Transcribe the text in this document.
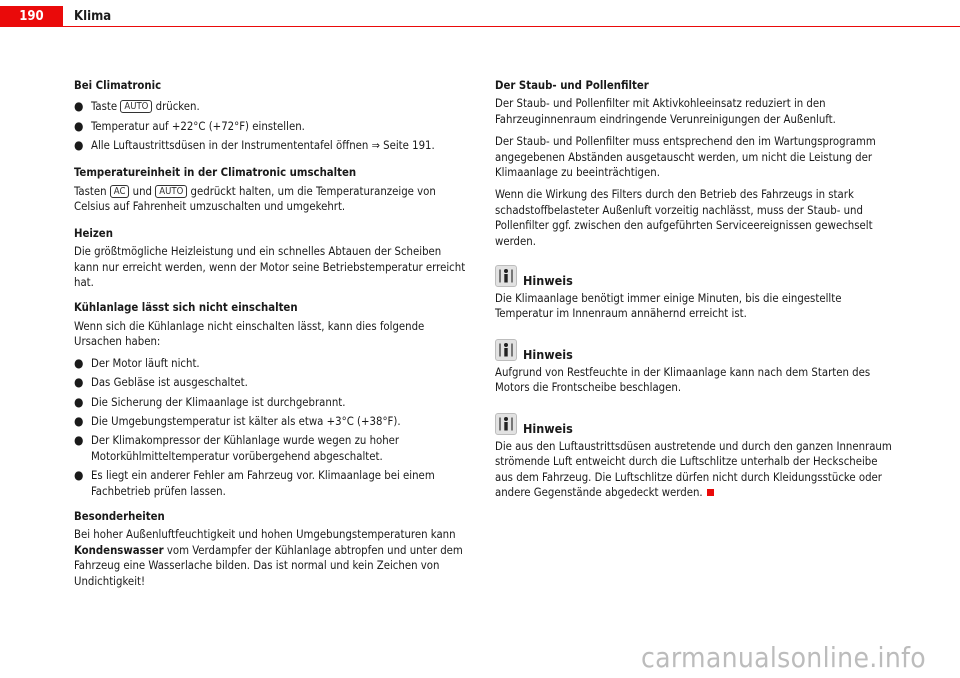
190	Klima
Bei Climatronic
● Taste AUTO drücken.
● Temperatur auf +22°C (+72°F) einstellen.
● Alle Luftaustrittsdüsen in der Instrumententafel öffnen ⇒ Seite 191.
Temperatureinheit in der Climatronic umschalten

Tasten AC und AUTO gedrückt halten, um die Temperaturanzeige von Celsius auf Fahrenheit umzuschalten und umgekehrt.

Heizen

Die größtmögliche Heizleistung und ein schnelles Abtauen der Scheiben kann nur erreicht werden, wenn der Motor seine Betriebstemperatur erreicht hat.

Kühlanlage lässt sich nicht einschalten

Wenn sich die Kühlanlage nicht einschalten lässt, kann dies folgende Ursachen haben:

● Der Motor läuft nicht.
● Das Gebläse ist ausgeschaltet.
● Die Sicherung der Klimaanlage ist durchgebrannt.
● Die Umgebungstemperatur ist kälter als etwa +3°C (+38°F).
● Der Klimakompressor der Kühlanlage wurde wegen zu hoher Motorkühlmitteltemperatur vorübergehend abgeschaltet.
● Es liegt ein anderer Fehler am Fahrzeug vor. Klimaanlage bei einem Fachbetrieb prüfen lassen.
Besonderheiten

Bei hoher Außenluftfeuchtigkeit und hohen Umgebungstemperaturen kann Kondenswasser vom Verdampfer der Kühlanlage abtropfen und unter dem Fahrzeug eine Wasserlache bilden. Das ist normal und kein Zeichen von Undichtigkeit!

Der Staub- und Pollenfilter

Der Staub- und Pollenfilter mit Aktivkohleeinsatz reduziert in den Fahrzeuginnenraum eindringende Verunreinigungen der Außenluft.

Der Staub- und Pollenfilter muss entsprechend den im Wartungsprogramm angegebenen Abständen ausgetauscht werden, um nicht die Leistung der Klimaanlage zu beeinträchtigen.

Wenn die Wirkung des Filters durch den Betrieb des Fahrzeugs in stark schadstoffbelasteter Außenluft vorzeitig nachlässt, muss der Staub- und Pollenfilter ggf. zwischen den aufgeführten Serviceereignissen gewechselt werden.

Hinweis

Die Klimaanlage benötigt immer einige Minuten, bis die eingestellte Temperatur im Innenraum annähernd erreicht ist.

Hinweis

Aufgrund von Restfeuchte in der Klimaanlage kann nach dem Starten des Motors die Frontscheibe beschlagen.

Hinweis

Die aus den Luftaustrittsdüsen austretende und durch den ganzen Innenraum strömende Luft entweicht durch die Luftschlitze unterhalb der Heckscheibe aus dem Fahrzeug. Die Luftschlitze dürfen nicht durch Kleidungsstücke oder andere Gegenstände abgedeckt werden.

carmanualsonline.info
